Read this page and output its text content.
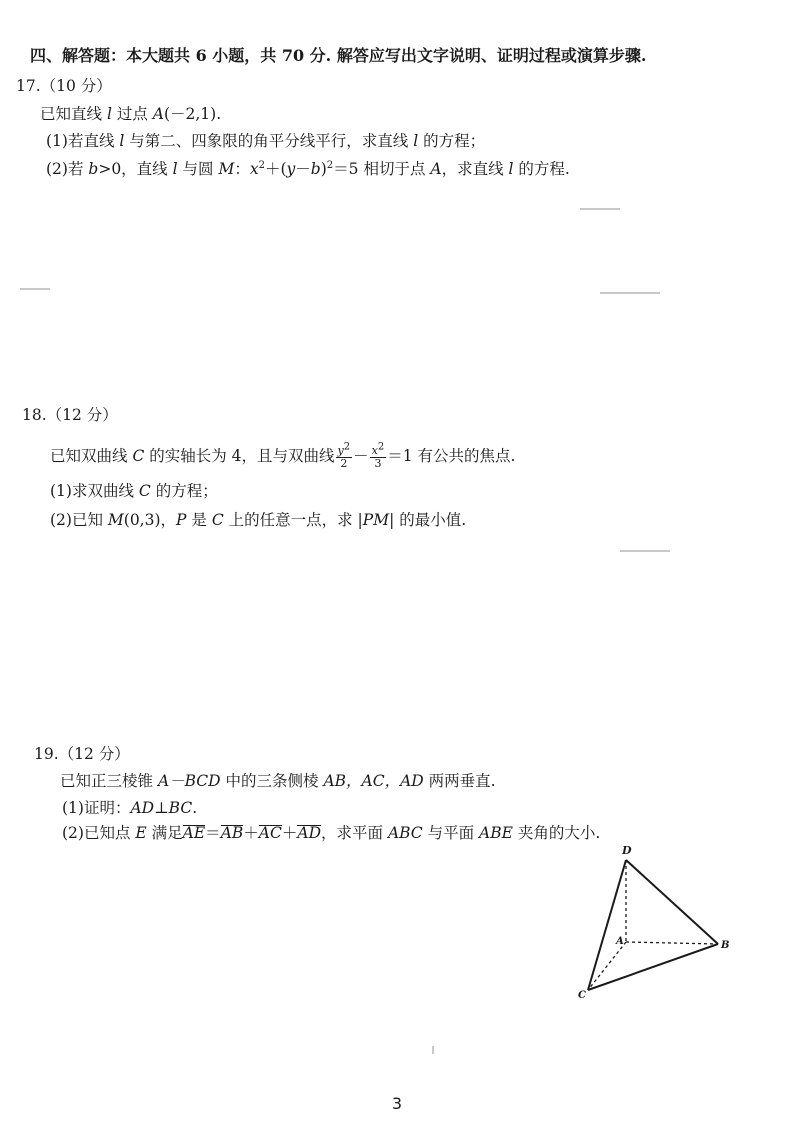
四、解答题：本大题共 6 小题，共 70 分. 解答应写出文字说明、证明过程或演算步骤.
17.（10 分）
已知直线 l 过点 A(－2,1).
(1)若直线 l 与第二、四象限的角平分线平行，求直线 l 的方程；
(2)若 b>0，直线 l 与圆 M：$x^2+(y-b)^2=5$ 相切于点 A，求直线 l 的方程.
18.（12 分）
已知双曲线 C 的实轴长为 4，且与双曲线 $\frac{y^2}{2} - \frac{x^2}{3} =1$ 有公共的焦点.
(1)求双曲线 C 的方程；
(2)已知 M(0,3)，P 是 C 上的任意一点，求 |PM| 的最小值.
19.（12 分）
已知正三棱锥 A－BCD 中的三条侧棱 AB，AC，AD 两两垂直.
(1)证明：AD⊥BC.
(2)已知点 E 满足AE＝AB＋AC＋AD，求平面 ABC 与平面 ABE 夹角的大小.
D
A	B
C
3
